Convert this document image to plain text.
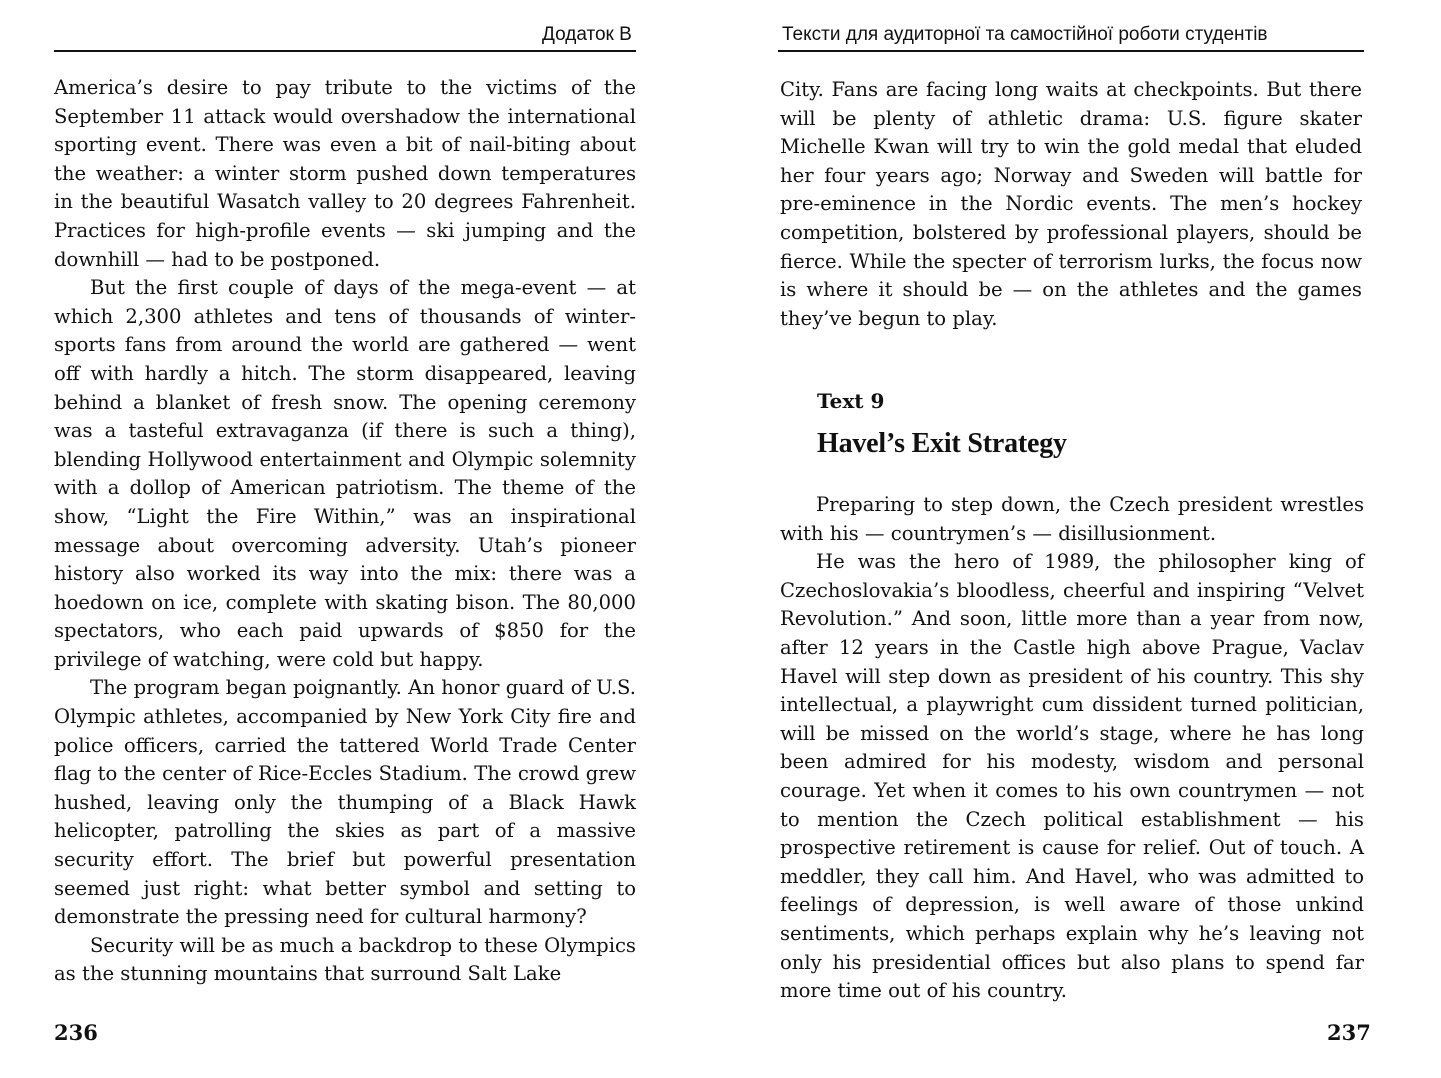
Додаток В

America’s desire to pay tribute to the victims of the September 11 attack would overshadow the international sporting event. There was even a bit of nail-biting about the weather: a winter storm pushed down temperatures in the beautiful Wasatch valley to 20 degrees Fahrenheit. Practices for high-profile events — ski jumping and the downhill — had to be postponed.

But the first couple of days of the mega-event — at which 2,300 athletes and tens of thousands of winter-sports fans from around the world are gathered — went off with hardly a hitch. The storm disappeared, leaving behind a blanket of fresh snow. The opening ceremony was a tasteful extravaganza (if there is such a thing), blending Hollywood entertainment and Olympic solemnity with a dollop of American patriotism. The theme of the show, “Light the Fire Within,” was an inspirational message about overcoming adversity. Utah’s pioneer history also worked its way into the mix: there was a hoedown on ice, complete with skating bison. The 80,000 spectators, who each paid upwards of $850 for the privilege of watching, were cold but happy.

The program began poignantly. An honor guard of U.S. Olympic athletes, accompanied by New York City fire and police officers, carried the tattered World Trade Center flag to the center of Rice-Eccles Stadium. The crowd grew hushed, leaving only the thumping of a Black Hawk helicopter, patrolling the skies as part of a massive security effort. The brief but powerful presentation seemed just right: what better symbol and setting to demonstrate the pressing need for cultural harmony?

Security will be as much a backdrop to these Olympics as the stunning mountains that surround Salt Lake

236
Тексти для аудиторної та самостійної роботи студентів

City. Fans are facing long waits at checkpoints. But there will be plenty of athletic drama: U.S. figure skater Michelle Kwan will try to win the gold medal that eluded her four years ago; Norway and Sweden will battle for pre-eminence in the Nordic events. The men’s hockey competition, bolstered by professional players, should be fierce. While the specter of terrorism lurks, the focus now is where it should be — on the athletes and the games they’ve begun to play.

Text 9
Havel’s Exit Strategy

Preparing to step down, the Czech president wrestles with his — countrymen’s — disillusionment.

He was the hero of 1989, the philosopher king of Czechoslovakia’s bloodless, cheerful and inspiring “Velvet Revolution.” And soon, little more than a year from now, after 12 years in the Castle high above Prague, Vaclav Havel will step down as president of his country. This shy intellectual, a playwright cum dissident turned politician, will be missed on the world’s stage, where he has long been admired for his modesty, wisdom and personal courage. Yet when it comes to his own countrymen — not to mention the Czech political establishment — his prospective retirement is cause for relief. Out of touch. A meddler, they call him. And Havel, who was admitted to feelings of depression, is well aware of those unkind sentiments, which perhaps explain why he’s leaving not only his presidential offices but also plans to spend far more time out of his country.

237
